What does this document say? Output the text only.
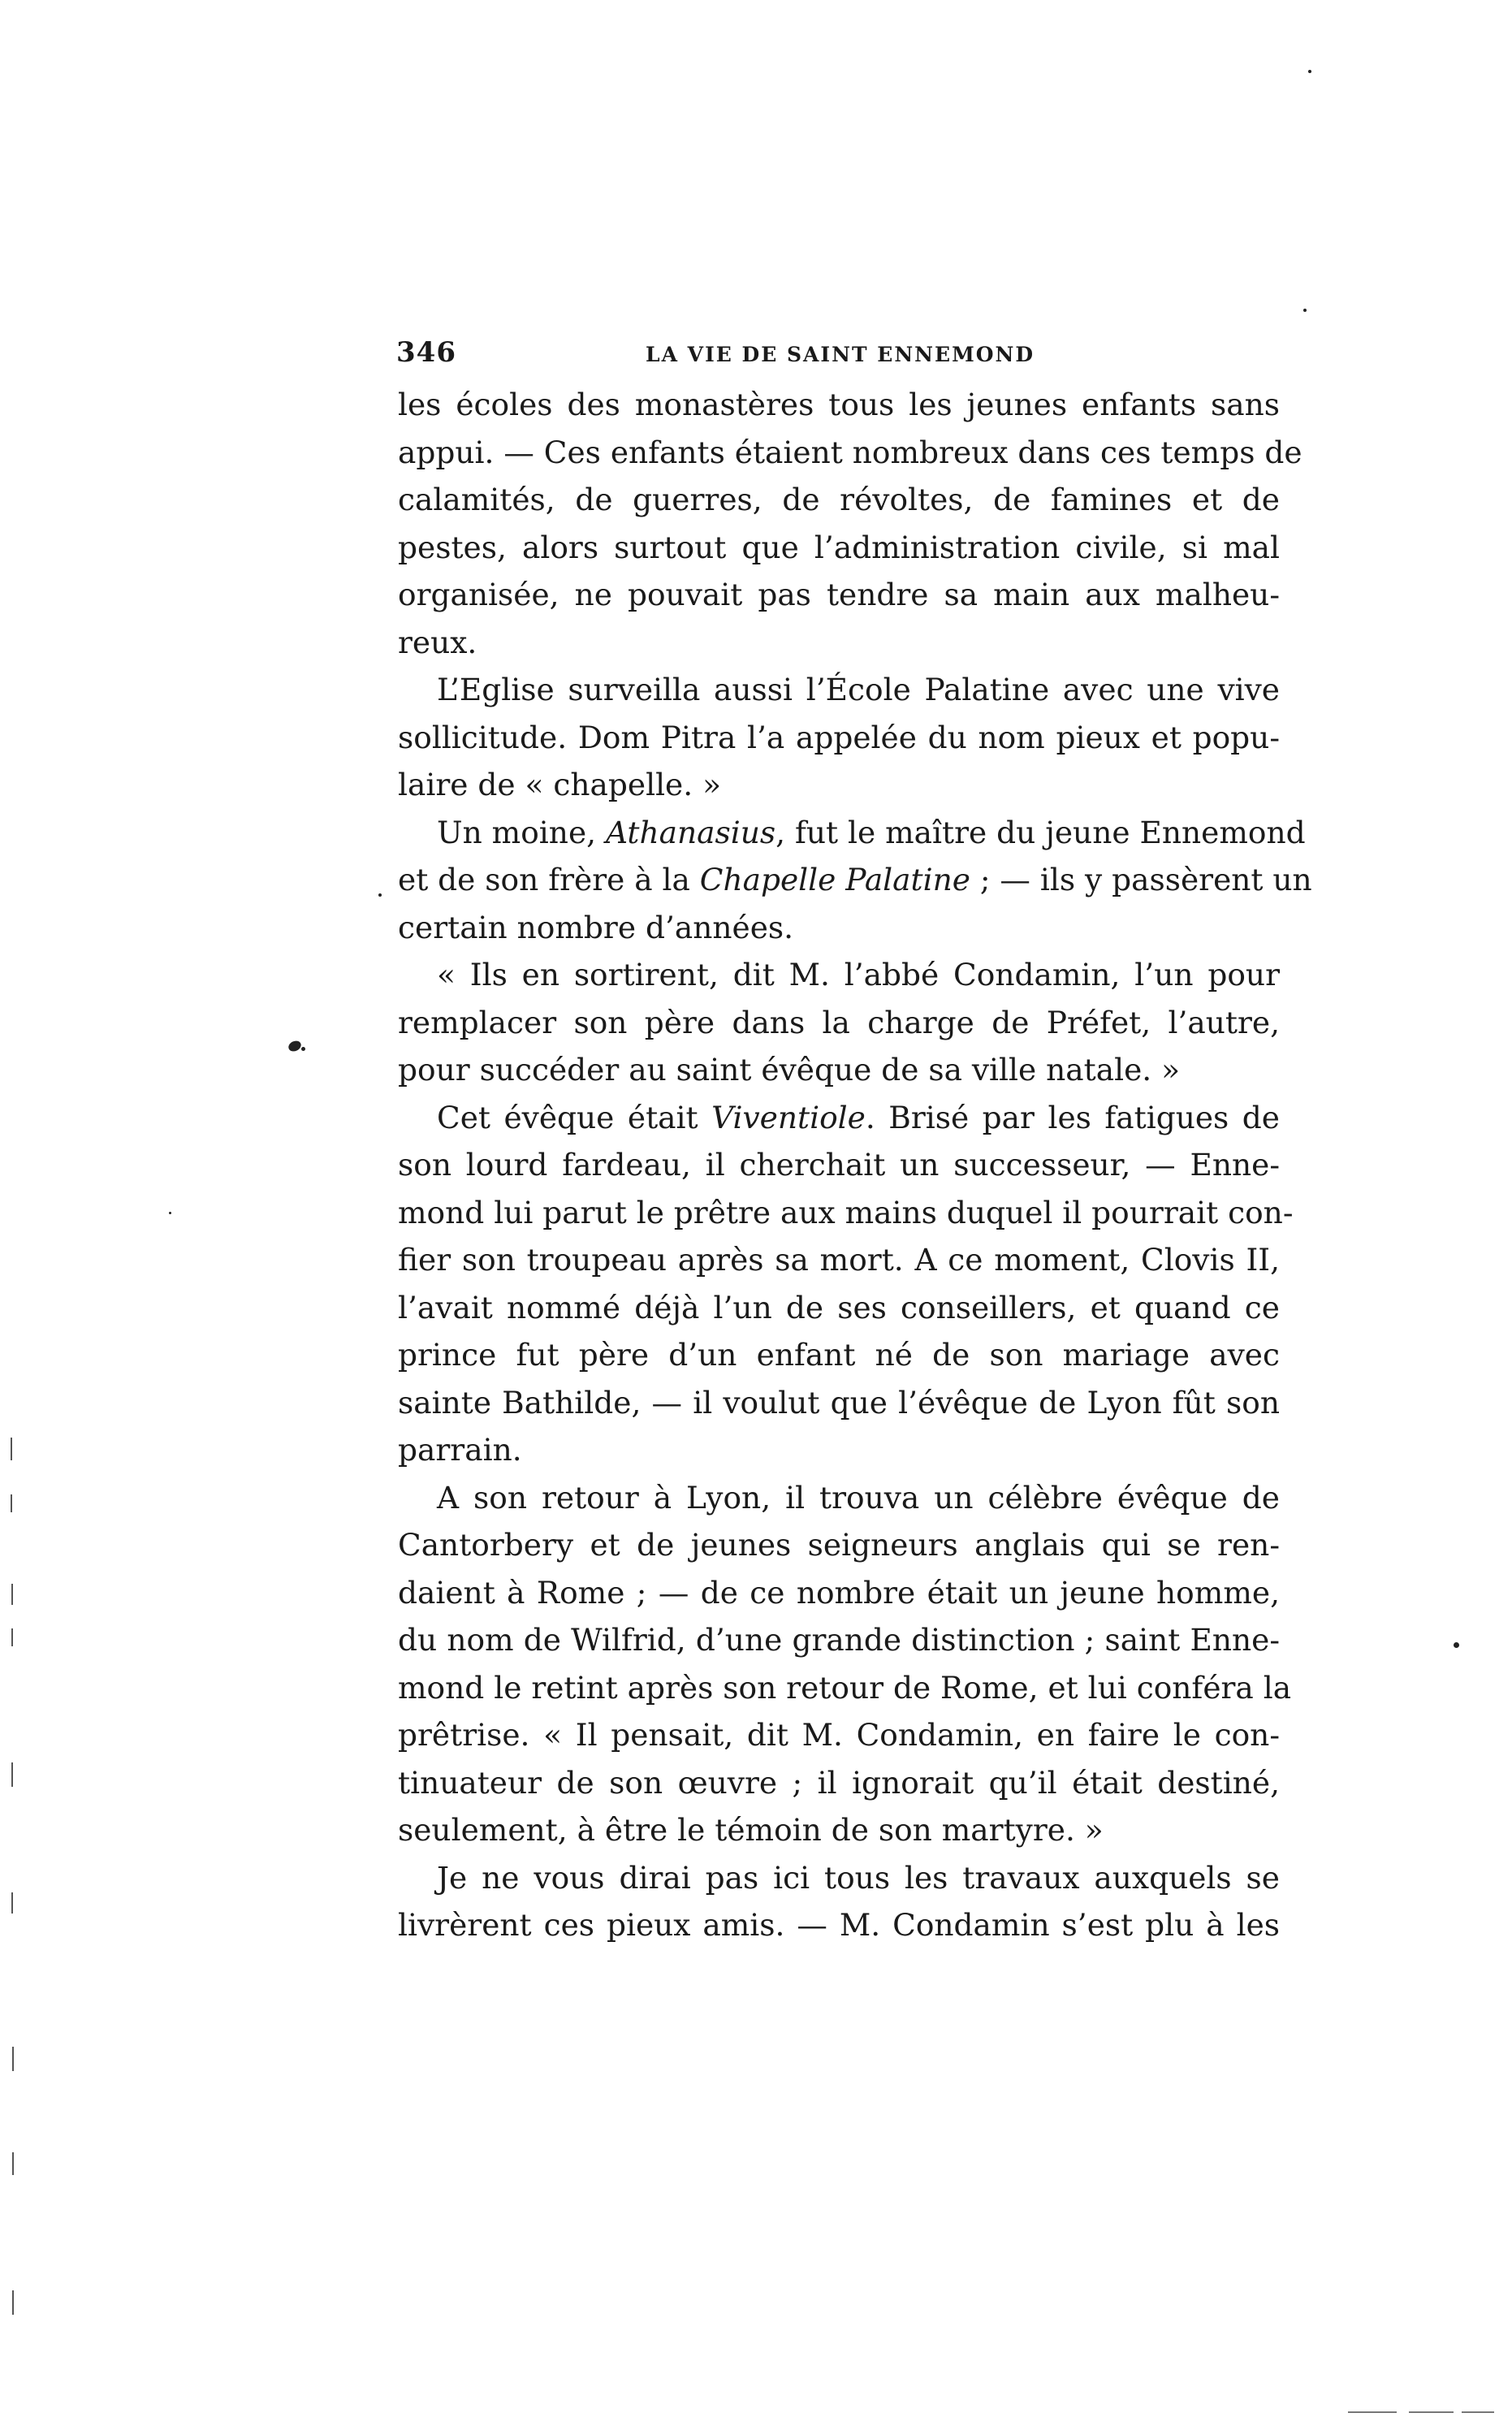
346	LA VIE DE SAINT ENNEMOND
les écoles des monastères tous les jeunes enfants sans
appui. — Ces enfants étaient nombreux dans ces temps de
calamités, de guerres, de révoltes, de famines et de
pestes, alors surtout que l’administration civile, si mal
organisée, ne pouvait pas tendre sa main aux malheu-
reux.
L’Eglise surveilla aussi l’École Palatine avec une vive
sollicitude. Dom Pitra l’a appelée du nom pieux et popu-
laire de « chapelle. »
Un moine, Athanasius, fut le maître du jeune Ennemond
et de son frère à la Chapelle Palatine ; — ils y passèrent un
certain nombre d’années.
« Ils en sortirent, dit M. l’abbé Condamin, l’un pour
remplacer son père dans la charge de Préfet, l’autre,
pour succéder au saint évêque de sa ville natale. »
Cet évêque était Viventiole. Brisé par les fatigues de
son lourd fardeau, il cherchait un successeur, — Enne-
mond lui parut le prêtre aux mains duquel il pourrait con-
fier son troupeau après sa mort. A ce moment, Clovis II,
l’avait nommé déjà l’un de ses conseillers, et quand ce
prince fut père d’un enfant né de son mariage avec
sainte Bathilde, — il voulut que l’évêque de Lyon fût son
parrain.
A son retour à Lyon, il trouva un célèbre évêque de
Cantorbery et de jeunes seigneurs anglais qui se ren-
daient à Rome ; — de ce nombre était un jeune homme,
du nom de Wilfrid, d’une grande distinction ; saint Enne-
mond le retint après son retour de Rome, et lui conféra la
prêtrise. « Il pensait, dit M. Condamin, en faire le con-
tinuateur de son œuvre ; il ignorait qu’il était destiné,
seulement, à être le témoin de son martyre. »
Je ne vous dirai pas ici tous les travaux auxquels se
livrèrent ces pieux amis. — M. Condamin s’est plu à les
